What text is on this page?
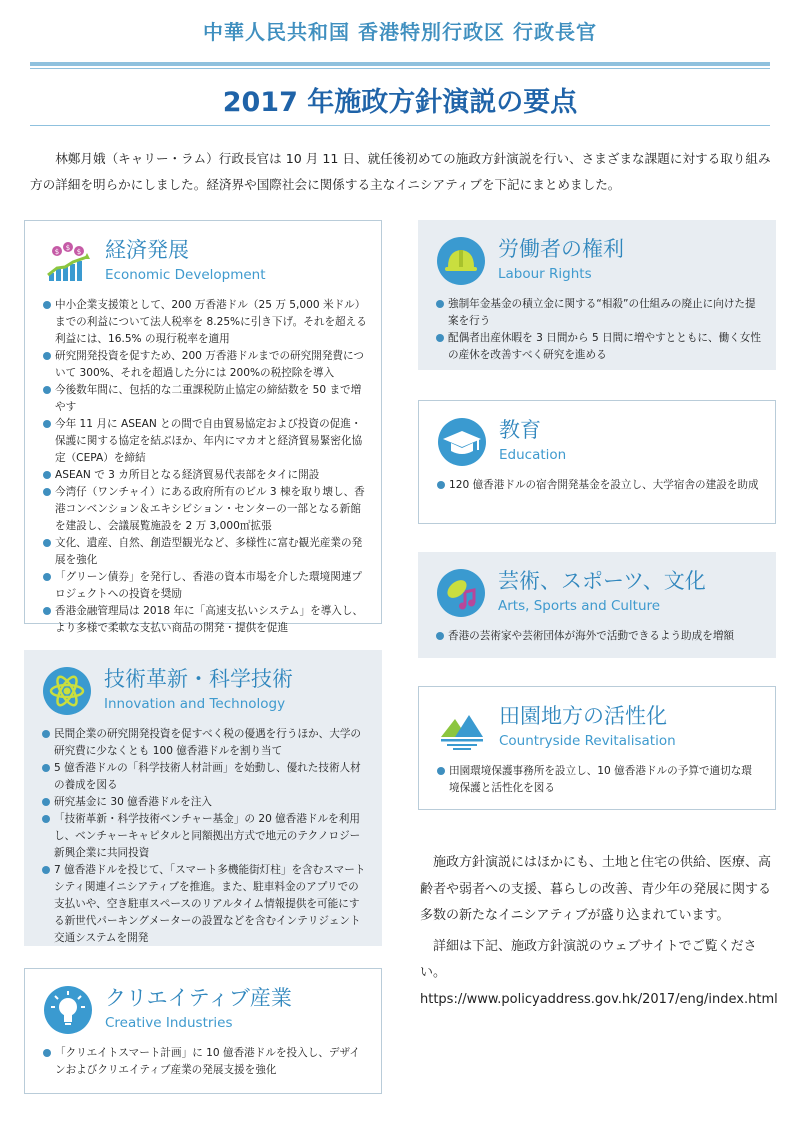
中華人民共和国 香港特別行政区 行政長官
2017 年施政方針演説の要点
林鄭月娥（キャリー・ラム）行政長官は 10 月 11 日、就任後初めての施政方針演説を行い、さまざまな課題に対する取り組み方の詳細を明らかにしました。経済界や国際社会に関係する主なイニシアティブを下記にまとめました。
$ $ $ 経済発展
Economic Development
中小企業支援策として、200 万香港ドル（25 万 5,000 米ドル）までの利益について法人税率を 8.25%に引き下げ。それを超える利益には、16.5% の現行税率を適用
研究開発投資を促すため、200 万香港ドルまでの研究開発費について 300%、それを超過した分には 200%の税控除を導入
今後数年間に、包括的な二重課税防止協定の締結数を 50 まで増やす
今年 11 月に ASEAN との間で自由貿易協定および投資の促進・保護に関する協定を結ぶほか、年内にマカオと経済貿易緊密化協定（CEPA）を締結
ASEAN で 3 カ所目となる経済貿易代表部をタイに開設
今湾仔（ワンチャイ）にある政府所有のビル 3 棟を取り壊し、香港コンベンション＆エキシビション・センターの一部となる新館を建設し、会議展覧施設を 2 万 3,000㎡拡張
文化、遺産、自然、創造型観光など、多様性に富む観光産業の発展を強化
「グリーン債券」を発行し、香港の資本市場を介した環境関連プロジェクトへの投資を奨励
香港金融管理局は 2018 年に「高速支払いシステム」を導入し、より多様で柔軟な支払い商品の開発・提供を促進
技術革新・科学技術
Innovation and Technology
民間企業の研究開発投資を促すべく税の優遇を行うほか、大学の研究費に少なくとも 100 億香港ドルを割り当て
5 億香港ドルの「科学技術人材計画」を始動し、優れた技術人材の養成を図る
研究基金に 30 億香港ドルを注入
「技術革新・科学技術ベンチャー基金」の 20 億香港ドルを利用し、ベンチャーキャピタルと同額拠出方式で地元のテクノロジー新興企業に共同投資
7 億香港ドルを投じて、「スマート多機能街灯柱」を含むスマートシティ関連イニシアティブを推進。また、駐車料金のアプリでの支払いや、空き駐車スペースのリアルタイム情報提供を可能にする新世代パーキングメーターの設置などを含むインテリジェント交通システムを開発
クリエイティブ産業
Creative Industries
「クリエイトスマート計画」に 10 億香港ドルを投入し、デザインおよびクリエイティブ産業の発展支援を強化
労働者の権利
Labour Rights
強制年金基金の積立金に関する“相殺”の仕組みの廃止に向けた提案を行う
配偶者出産休暇を 3 日間から 5 日間に増やすとともに、働く女性の産休を改善すべく研究を進める
教育
Education
120 億香港ドルの宿舎開発基金を設立し、大学宿舎の建設を助成
芸術、スポーツ、文化
Arts, Sports and Culture
香港の芸術家や芸術団体が海外で活動できるよう助成を増額
田園地方の活性化
Countryside Revitalisation
田園環境保護事務所を設立し、10 億香港ドルの予算で適切な環境保護と活性化を図る

施政方針演説にはほかにも、土地と住宅の供給、医療、高齢者や弱者への支援、暮らしの改善、青少年の発展に関する多数の新たなイニシアティブが盛り込まれています。

詳細は下記、施政方針演説のウェブサイトでご覧ください。https://www.policyaddress.gov.hk/2017/eng/index.html
